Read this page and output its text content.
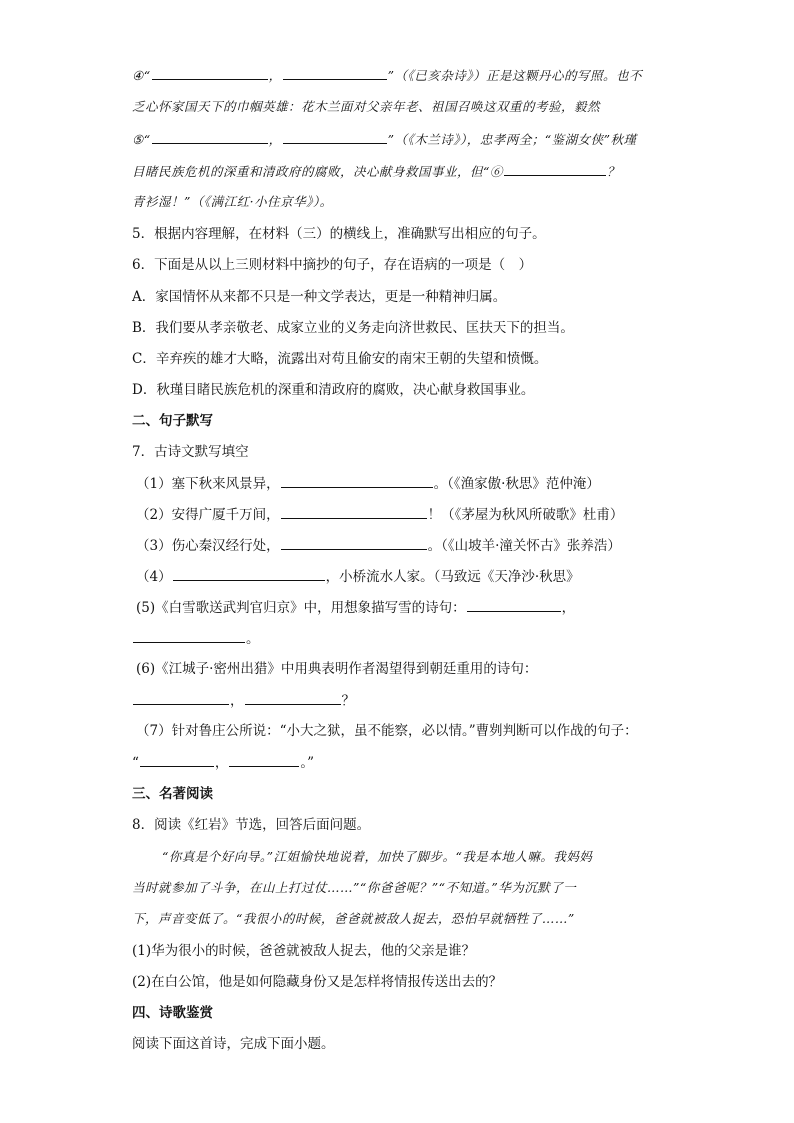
④“	，	”（《已亥杂诗》）正是这颗丹心的写照。也不
乏心怀家国天下的巾帼英雄：花木兰面对父亲年老、祖国召唤这双重的考验，毅然
⑤“	，	”（《木兰诗》），忠孝两全；“鉴湖女侠”秋瑾
目睹民族危机的深重和清政府的腐败，决心献身救国事业，但“⑥	？
青衫湿！”（《满江红·小住京华》）。
5．根据内容理解，在材料（三）的横线上，准确默写出相应的句子。
6．下面是从以上三则材料中摘抄的句子，存在语病的一项是（　）
A．家国情怀从来都不只是一种文学表达，更是一种精神归属。
B．我们要从孝亲敬老、成家立业的义务走向济世救民、匡扶天下的担当。
C．辛弃疾的雄才大略，流露出对苟且偷安的南宋王朝的失望和愤慨。
D．秋瑾目睹民族危机的深重和清政府的腐败，决心献身救国事业。
二、句子默写
7．古诗文默写填空
（1）塞下秋来风景异，	。（《渔家傲·秋思》范仲淹）
（2）安得广厦千万间，	！（《茅屋为秋风所破歌》杜甫）
（3）伤心秦汉经行处，	。（《山坡羊·潼关怀古》张养浩）
（4）	，小桥流水人家。（马致远《天净沙·秋思》
(5)《白雪歌送武判官归京》中，用想象描写雪的诗句：	，
。
(6)《江城子·密州出猎》中用典表明作者渴望得到朝廷重用的诗句：
，	？
（7）针对鲁庄公所说：“小大之狱，虽不能察，必以情。”曹刿判断可以作战的句子：
“	，	。”
三、名著阅读
8．阅读《红岩》节选，回答后面问题。
“你真是个好向导。”江姐愉快地说着，加快了脚步。“我是本地人嘛。我妈妈
当时就参加了斗争，在山上打过仗……”“你爸爸呢？”“不知道。”华为沉默了一
下，声音变低了。“我很小的时候，爸爸就被敌人捉去，恐怕早就牺牲了……”
(1)华为很小的时候，爸爸就被敌人捉去，他的父亲是谁？
(2)在白公馆，他是如何隐藏身份又是怎样将情报传送出去的？
四、诗歌鉴赏
阅读下面这首诗，完成下面小题。
